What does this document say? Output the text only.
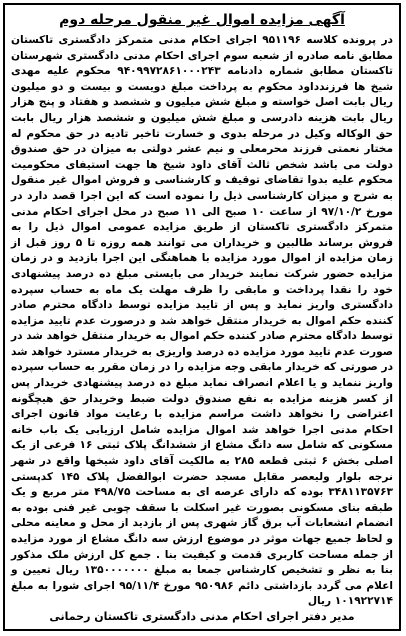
آگهی مزایده اموال غیر منقول مرحله دوم

در پرونده کلاسه ۹۵۱۱۹۶ اجرای احکام مدنی متمرکز دادگستری تاکستان مطابق نامه صادره از شعبه سوم اجرای احکام مدنی دادگستری شهرستان تاکستان مطابق شماره دادنامه ۹۴۰۹۹۷۲۸۶۱۰۰۰۲۴۳ محکوم علیه مهدی شیخ ها فرزندداود محکوم به پرداخت مبلغ دویست و بیست و دو میلیون ریال بابت اصل خواسته و مبلغ شش میلیون و ششصد و هفتاد و پنج هزار ریال بابت هزینه دادرسی و مبلغ شش میلیون و ششصد هزار ریال بابت حق الوکاله وکیل در مرحله بدوی و خسارت تاخیر تادیه در حق محکوم له مختار نعمتی فرزند محرمعلی و نیم عشر دولتی به میزان در حق صندوق دولت می باشد شخص ثالث آقای داود شیخ ها جهت استیفای محکومیت محکوم علیه بدوا تقاضای توقیف و کارشناسی و فروش اموال غیر منقول به شرح و میزان کارشناسی ذیل را نموده است که این اجرا قصد دارد در مورخ ۹۷/۱۰/۲ از ساعت ۱۰ صبح الی ۱۱ صبح در محل اجرای احکام مدنی متمرکز دادگستری تاکستان از طریق مزایده عمومی اموال ذیل را به فروش برساند طالبین و خریداران می توانند همه روزه تا ۵ روز قبل از زمان مزایده از اموال مورد مزایده با هماهنگی این اجرا بازدید و در زمان مزایده حضور شرکت نمایند خریدار می بایستی مبلغ ده درصد پیشنهادی خود را نقدا پرداخت و مابقی را ظرف مهلت یک ماه به حساب سپرده دادگستری واریز نماید و پس از تایید مزایده توسط دادگاه محترم صادر کننده حکم اموال به خریدار منتقل خواهد شد و درصورت عدم تایید مزایده توسط دادگاه محترم صادر کننده حکم اموال به خریدار منتقل خواهد شد در صورت عدم تایید مورد مزایده ده درصد واریزی به خریدار مسترد خواهد شد در صورتی که خریدار مابقی وجه مزایده را در زمان مقرر به حساب سپرده واریز ننماید و یا اعلام انصراف نماید مبلغ ده درصد پیشنهادی خریدار پس از کسر هزینه مزایده به نفع صندوق دولت ضبط وخریدار حق هیچگونه اعتراضی را نخواهد داشت مراسم مزایده با رعایت مواد قانون اجرای احکام مدنی اجرا خواهد شد اموال مزایده شامل ارزیابی یک باب خانه مسکونی که شامل سه دانگ مشاع از ششدانگ پلاک ثبتی ۱۶ فرعی از یک اصلی بخش ۶ ثبتی قطعه ۲۸۵ به مالکیت آقای داود شیخها واقع در شهر نرجه بلوار ولیعصر مقابل مسجد حضرت ابوالفضل پلاک ۱۴۵ کدپستی ۳۴۸۱۱۳۵۷۶۳ بوده که دارای عرصه ای به مساحت ۴۹۸/۷۵ متر مربع و یک طبقه بنای مسکونی بصورت غیر اسکلت با سقف چوبی غیر فنی بوده به انضمام انشعابات آب برق گاز شهری پس از بازدید از محل و معاینه محلی و لحاظ جمیع جهات موثر در موضوع ارزش سه دانگ مشاع از مورد مزایده از جمله مساحت کاربری قدمت و کیفیت بنا . جمع کل ارزش ملک مذکور بنا به نظر و تشخیص کارشناس جمعا به مبلغ ۱۳۵۰۰۰۰۰۰۰ ریال تعیین و اعلام می گردد بازداشتی دائم ۹۵۰۹۸۶ مورخ ۹۵/۱۱/۴ اجرای شورا به مبلغ ۱۰۱۹۲۲۷۱۴ ریال

مدیر دفتر اجرای احکام مدنی دادگستری تاکستان رحمانی
